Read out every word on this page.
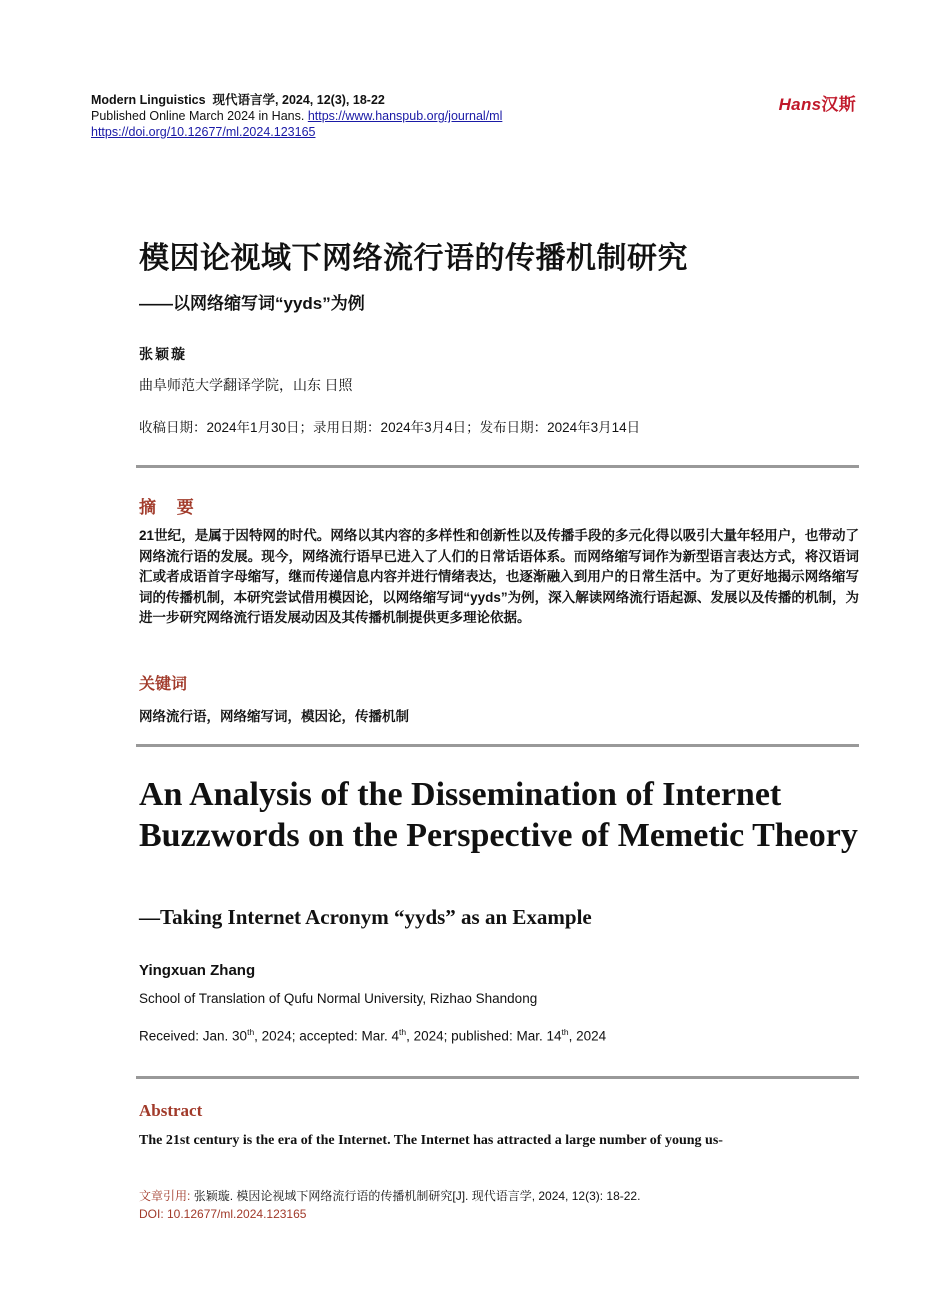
Modern Linguistics 现代语言学, 2024, 12(3), 18-22
Published Online March 2024 in Hans. https://www.hanspub.org/journal/ml
https://doi.org/10.12677/ml.2024.123165
Hans汉斯
模因论视域下网络流行语的传播机制研究
——以网络缩写词“yyds”为例
张颖璇
曲阜师范大学翻译学院，山东 日照
收稿日期：2024年1月30日；录用日期：2024年3月4日；发布日期：2024年3月14日
摘 要
21世纪，是属于因特网的时代。网络以其内容的多样性和创新性以及传播手段的多元化得以吸引大量年轻用户，也带动了网络流行语的发展。现今，网络流行语早已进入了人们的日常话语体系。而网络缩写词作为新型语言表达方式，将汉语词汇或者成语首字母缩写，继而传递信息内容并进行情绪表达，也逐渐融入到用户的日常生活中。为了更好地揭示网络缩写词的传播机制，本研究尝试借用模因论，以网络缩写词“yyds”为例，深入解读网络流行语起源、发展以及传播的机制，为进一步研究网络流行语发展动因及其传播机制提供更多理论依据。
关键词
网络流行语，网络缩写词，模因论，传播机制
An Analysis of the Dissemination of Internet Buzzwords on the Perspective of Memetic Theory
—Taking Internet Acronym “yyds” as an Example
Yingxuan Zhang
School of Translation of Qufu Normal University, Rizhao Shandong
Received: Jan. 30th, 2024; accepted: Mar. 4th, 2024; published: Mar. 14th, 2024
Abstract
The 21st century is the era of the Internet. The Internet has attracted a large number of young us-
文章引用: 张颖璇. 模因论视域下网络流行语的传播机制研究[J]. 现代语言学, 2024, 12(3): 18-22.
DOI: 10.12677/ml.2024.123165
